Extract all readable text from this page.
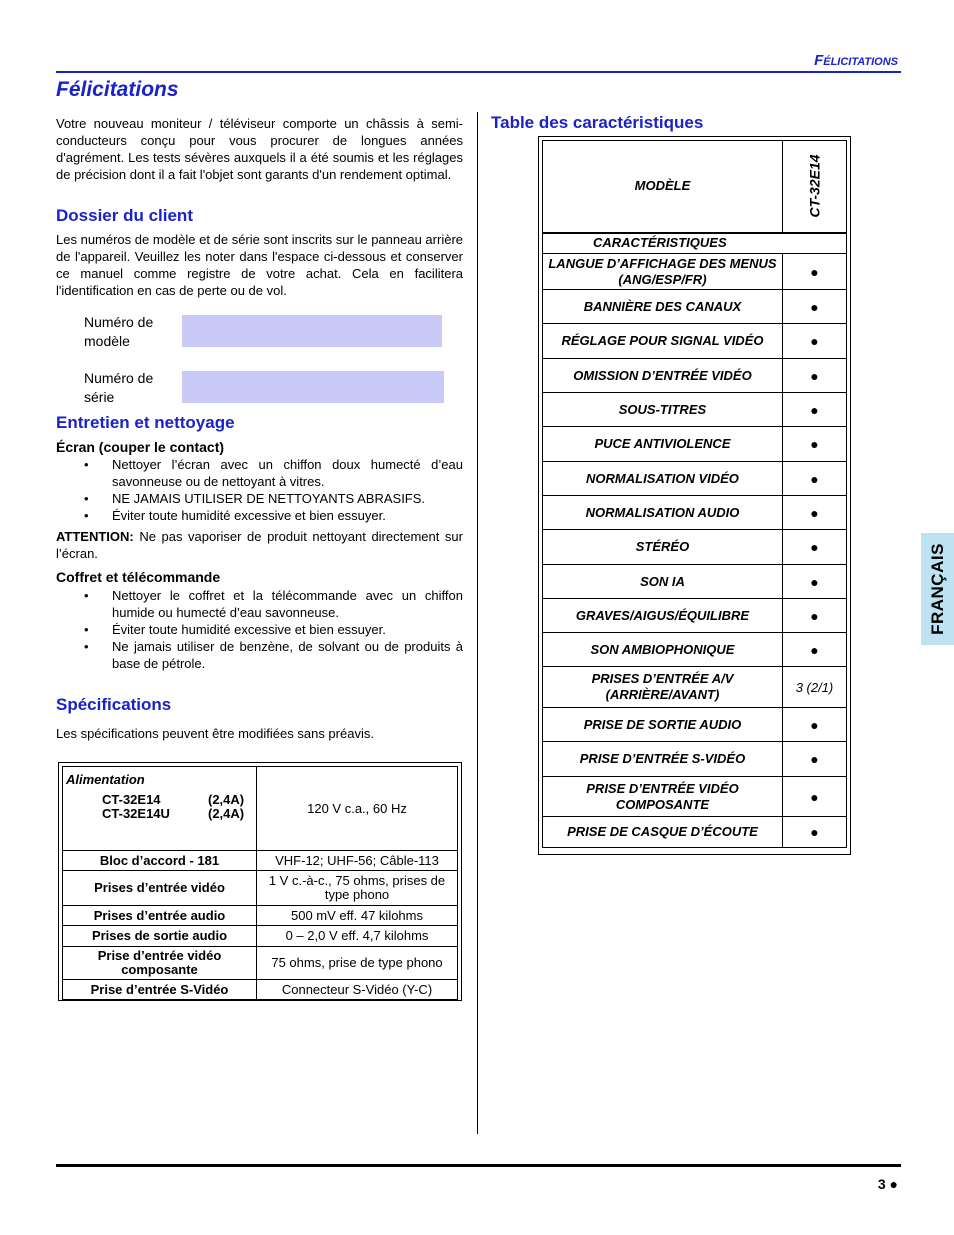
Félicitations
Félicitations

Votre nouveau moniteur / téléviseur comporte un châssis à semi-conducteurs conçu pour vous procurer de longues années d'agrément. Les tests sévères auxquels il a été soumis et les réglages de précision dont il a fait l'objet sont garants d'un rendement optimal.

Dossier du client

Les numéros de modèle et de série sont inscrits sur le panneau arrière de l'appareil. Veuillez les noter dans l'espace ci-dessous et conserver ce manuel comme registre de votre achat. Cela en facilitera l'identification en cas de perte ou de vol.

Numéro de
modèle
Numéro de
série
Entretien et nettoyage
Écran (couper le contact)
• Nettoyer l’écran avec un chiffon doux humecté d’eau savonneuse ou de nettoyant à vitres.
• NE JAMAIS UTILISER DE NETTOYANTS ABRASIFS.
• Éviter toute humidité excessive et bien essuyer.

ATTENTION: Ne pas vaporiser de produit nettoyant directement sur l’écran.

Coffret et télécommande
• Nettoyer le coffret et la télécommande avec un chiffon humide ou humecté d’eau savonneuse.
• Éviter toute humidité excessive et bien essuyer.
• Ne jamais utiliser de benzène, de solvant ou de produits à base de pétrole.
Spécifications

Les spécifications peuvent être modifiées sans préavis.

Alimentation
CT-32E14 (2,4A)
CT-32E14U (2,4A)	120 V c.a., 60 Hz
Bloc d’accord - 181	VHF-12; UHF-56; Câble-113
Prises d’entrée vidéo	1 V c.-à-c., 75 ohms, prises de type phono
Prises d’entrée audio	500 mV eff. 47 kilohms
Prises de sortie audio	0 – 2,0 V eff. 4,7 kilohms
Prise d’entrée vidéo composante	75 ohms, prise de type phono
Prise d’entrée S-Vidéo	Connecteur S-Vidéo (Y-C)
Table des caractéristiques
MODÈLE	CT-32E14
CARACTÉRISTIQUES	
LANGUE D’AFFICHAGE DES MENUS (ANG/ESP/FR)	●
BANNIÈRE DES CANAUX	●
RÉGLAGE POUR SIGNAL VIDÉO	●
OMISSION D’ENTRÉE VIDÉO	●
SOUS-TITRES	●
PUCE ANTIVIOLENCE	●
NORMALISATION VIDÉO	●
NORMALISATION AUDIO	●
STÉRÉO	●
SON IA	●
GRAVES/AIGUS/ÉQUILIBRE	●
SON AMBIOPHONIQUE	●
PRISES D’ENTRÉE A/V (ARRIÈRE/AVANT)	3 (2/1)
PRISE DE SORTIE AUDIO	●
PRISE D’ENTRÉE S-VIDÉO	●
PRISE D’ENTRÉE VIDÉO COMPOSANTE	●
PRISE DE CASQUE D’ÉCOUTE	●
FRANÇAIS
3 ●
